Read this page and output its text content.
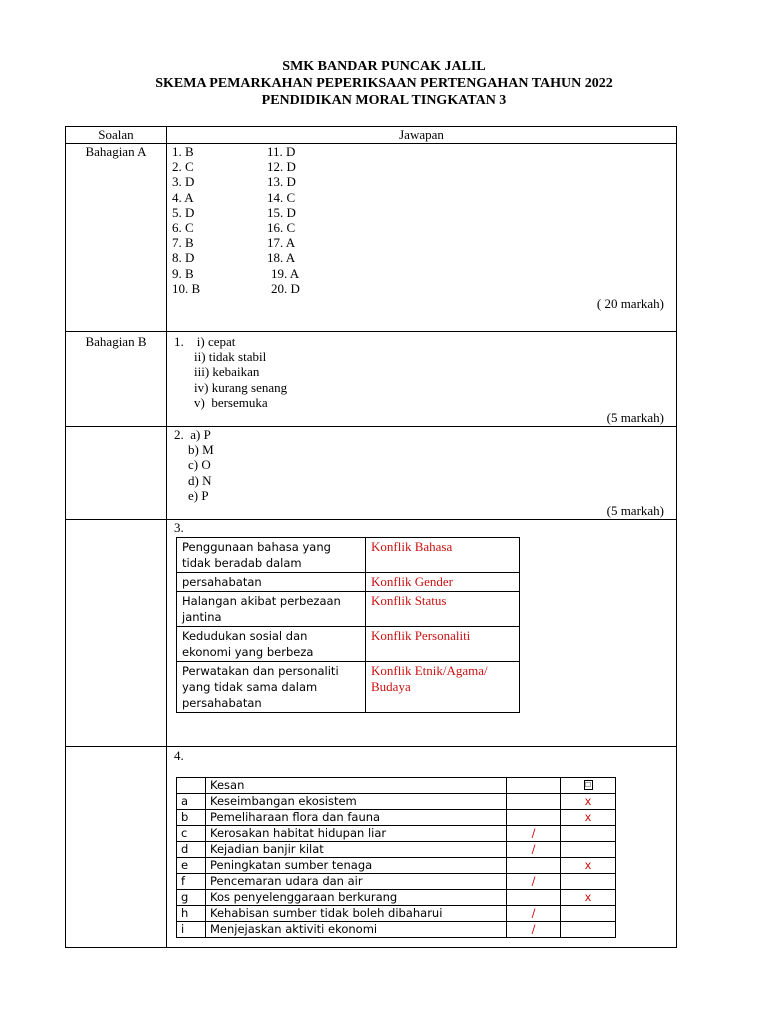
SMK BANDAR PUNCAK JALIL
SKEMA PEMARKAHAN PEPERIKSAAN PERTENGAHAN TAHUN 2022
PENDIDIKAN MORAL TINGKATAN 3
Soalan	Jawapan
Bahagian A	1. B	11. D
2. C	12. D
3. D	13. D
4. A	14. C
5. D	15. D
6. C	16. C
7. B	17. A
8. D	18. A
9. B	19. A
10. B	20. D
( 20 markah)

Bahagian B	1.    i) cepat
ii) tidak stabil
iii) kebaikan
iv) kurang senang
v)  bersemuka
(5 markah)

2.  a) P
b) M
c) O
d) N
e) P
(5 markah)

3.
Penggunaan bahasa yang tidak beradab dalam	Konflik Bahasa
persahabatan	Konflik Gender
Halangan akibat perbezaan jantina	Konflik Status
Kedudukan sosial dan ekonomi yang berbeza	Konflik Personaliti
Perwatakan dan personaliti yang tidak sama dalam persahabatan	Konflik Etnik/Agama/ Budaya

4.
	Kesan		☐
a	Keseimbangan ekosistem		x
b	Pemeliharaan flora dan fauna		x
c	Kerosakan habitat hidupan liar	/	
d	Kejadian banjir kilat	/	
e	Peningkatan sumber tenaga		x
f	Pencemaran udara dan air	/	
g	Kos penyelenggaraan berkurang		x
h	Kehabisan sumber tidak boleh dibaharui	/	
i	Menjejaskan aktiviti ekonomi	/	
